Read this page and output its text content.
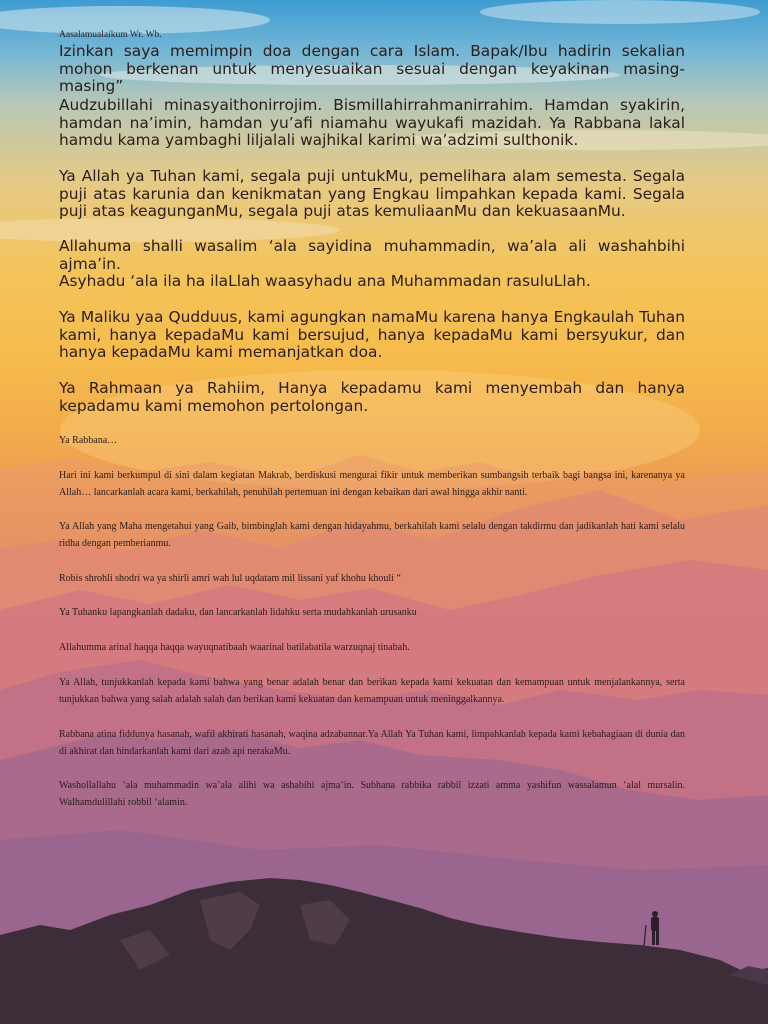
Aasalamualaikum Wr. Wb.
Izinkan saya memimpin doa dengan cara Islam. Bapak/Ibu hadirin sekalian mohon berkenan untuk menyesuaikan sesuai dengan keyakinan masing-masing”
Audzubillahi minasyaithonirrojim. Bismillahirrahmanirrahim. Hamdan syakirin, hamdan na’imin, hamdan yu’afi niamahu wayukafi mazidah. Ya Rabbana lakal hamdu kama yambaghi liljalali wajhikal karimi wa’adzimi sulthonik.
Ya Allah ya Tuhan kami, segala puji untukMu, pemelihara alam semesta. Segala puji atas karunia dan kenikmatan yang Engkau limpahkan kepada kami. Segala puji atas keagunganMu, segala puji atas kemuliaanMu dan kekuasaanMu.
Allahuma shalli wasalim ‘ala sayidina muhammadin, wa’ala ali washahbihi ajma’in.
Asyhadu ‘ala ila ha ilaLlah waasyhadu ana Muhammadan rasuluLlah.
Ya Maliku yaa Qudduus, kami agungkan namaMu karena hanya Engkaulah Tuhan kami, hanya kepadaMu kami bersujud, hanya kepadaMu kami bersyukur, dan hanya kepadaMu kami memanjatkan doa.
Ya Rahmaan ya Rahiim, Hanya kepadamu kami menyembah dan hanya kepadamu kami memohon pertolongan.
Ya Rabbana…
Hari ini kami berkumpul di sini dalam kegiatan Makrab, berdiskusi mengurai fikir untuk memberikan sumbangsih terbaik bagi bangsa ini, karenanya ya Allah… lancarkanlah acara kami, berkahilah, penuhilah pertemuan ini dengan kebaikan dari awal hingga akhir nanti.
Ya Allah yang Maha mengetahui yang Gaib, bimbinglah kami dengan hidayahmu, berkahilah kami selalu dengan takdirmu dan jadikanlah hati kami selalu ridha dengan pemberianmu.
Robis shrohli shodri wa ya shirli amri wah lul uqdatam mil lissani yaf khohu khouli “
Ya Tuhanku lapangkanlah dadaku, dan lancarkanlah lidahku serta mudahkanlah urusanku
Allahumma arinal haqqa haqqa wayuqnatibaah waarinal batilabatila warzuqnaj tinabah.
Ya Allah, tunjukkanlah kepada kami bahwa yang benar adalah benar dan berikan kepada kami kekuatan dan kemampuan untuk menjalankannya, serta tunjukkan bahwa yang salah adalah salah dan berikan kami kekuatan dan kemampuan untuk meninggalkannya.
Rabbana atina fiddunya hasanah, wafil akhirati hasanah, waqina adzabannar.Ya Allah Ya Tuhan kami, limpahkanlah kepada kami kebahagiaan di dunia dan di akhirat dan hindarkanlah kami dari azab api nerakaMu.
Washollallahu ‘ala muhammadin wa’ala alihi wa ashabihi ajma’in. Subhana rabbika rabbil izzati amma yashifun wassalamun ‘alal mursalin. Walhamdulillahi robbil ‘alamin.
